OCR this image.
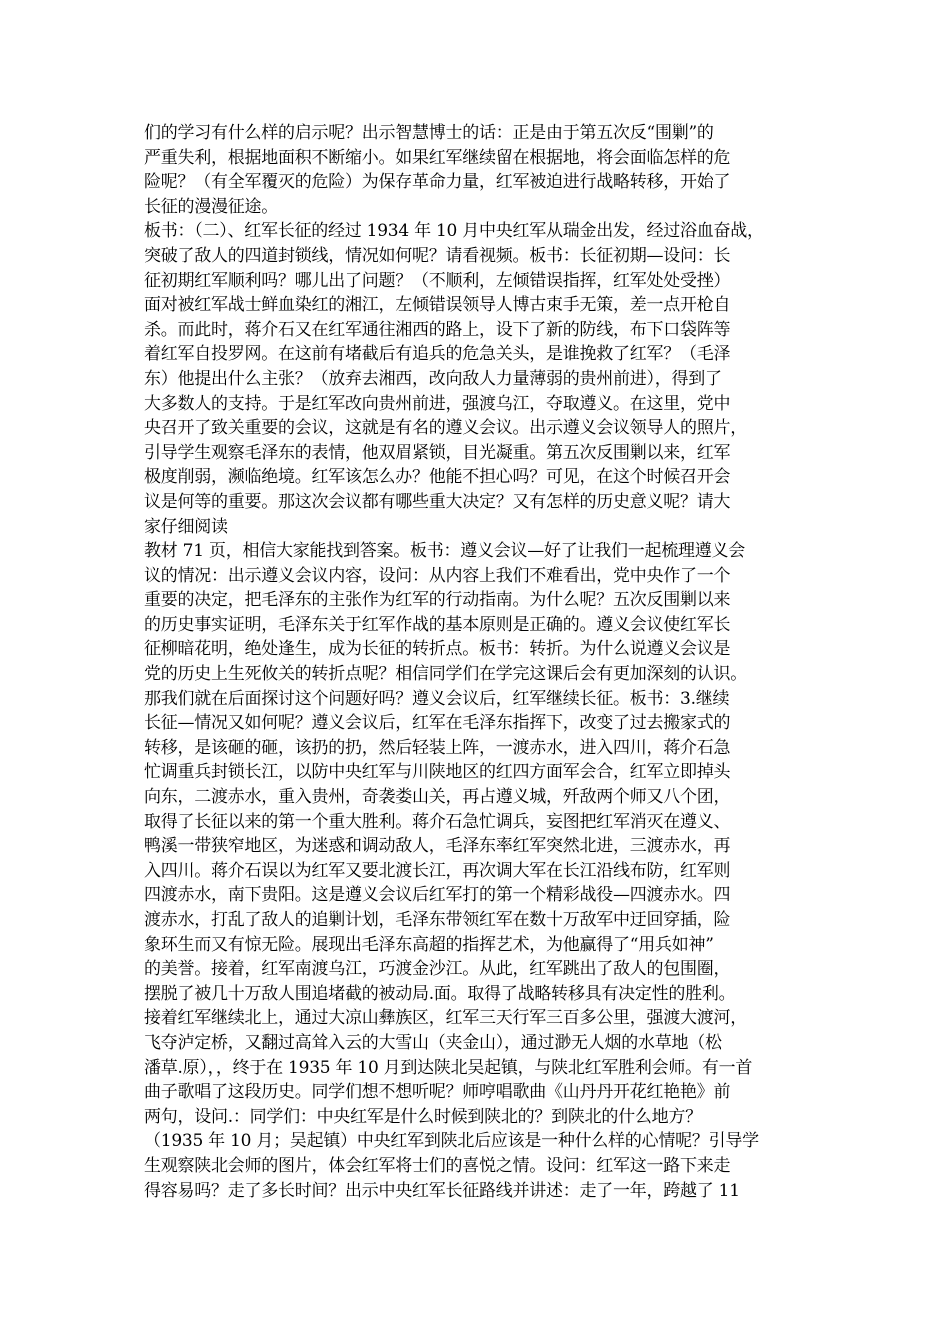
们的学习有什么样的启示呢？出示智慧博士的话：正是由于第五次反“围剿”的
严重失利，根据地面积不断缩小。如果红军继续留在根据地，将会面临怎样的危
险呢？（有全军覆灭的危险）为保存革命力量，红军被迫进行战略转移，开始了
长征的漫漫征途。
板书：（二）、红军长征的经过 1934 年 10 月中央红军从瑞金出发，经过浴血奋战，
突破了敌人的四道封锁线，情况如何呢？请看视频。板书：长征初期—设问：长
征初期红军顺利吗？哪儿出了问题？（不顺利，左倾错误指挥，红军处处受挫）
面对被红军战士鲜血染红的湘江，左倾错误领导人博古束手无策，差一点开枪自
杀。而此时，蒋介石又在红军通往湘西的路上，设下了新的防线，布下口袋阵等
着红军自投罗网。在这前有堵截后有追兵的危急关头，是谁挽救了红军？（毛泽
东）他提出什么主张？（放弃去湘西，改向敌人力量薄弱的贵州前进），得到了
大多数人的支持。于是红军改向贵州前进，强渡乌江，夺取遵义。在这里，党中
央召开了致关重要的会议，这就是有名的遵义会议。出示遵义会议领导人的照片，
引导学生观察毛泽东的表情，他双眉紧锁，目光凝重。第五次反围剿以来，红军
极度削弱，濒临绝境。红军该怎么办？他能不担心吗？可见，在这个时候召开会
议是何等的重要。那这次会议都有哪些重大决定？又有怎样的历史意义呢？请大
家仔细阅读
教材 71 页，相信大家能找到答案。板书：遵义会议—好了让我们一起梳理遵义会
议的情况：出示遵义会议内容，设问：从内容上我们不难看出，党中央作了一个
重要的决定，把毛泽东的主张作为红军的行动指南。为什么呢？五次反围剿以来
的历史事实证明，毛泽东关于红军作战的基本原则是正确的。遵义会议使红军长
征柳暗花明，绝处逢生，成为长征的转折点。板书：转折。为什么说遵义会议是
党的历史上生死攸关的转折点呢？相信同学们在学完这课后会有更加深刻的认识。
那我们就在后面探讨这个问题好吗？遵义会议后，红军继续长征。板书：3.继续
长征—情况又如何呢？遵义会议后，红军在毛泽东指挥下，改变了过去搬家式的
转移，是该砸的砸，该扔的扔，然后轻装上阵，一渡赤水，进入四川，蒋介石急
忙调重兵封锁长江，以防中央红军与川陕地区的红四方面军会合，红军立即掉头
向东，二渡赤水，重入贵州，奇袭娄山关，再占遵义城，歼敌两个师又八个团，
取得了长征以来的第一个重大胜利。蒋介石急忙调兵，妄图把红军消灭在遵义、
鸭溪一带狭窄地区，为迷惑和调动敌人，毛泽东率红军突然北进，三渡赤水，再
入四川。蒋介石误以为红军又要北渡长江，再次调大军在长江沿线布防，红军则
四渡赤水，南下贵阳。这是遵义会议后红军打的第一个精彩战役—四渡赤水。四
渡赤水，打乱了敌人的追剿计划，毛泽东带领红军在数十万敌军中迂回穿插，险
象环生而又有惊无险。展现出毛泽东高超的指挥艺术，为他赢得了“用兵如神”
的美誉。接着，红军南渡乌江，巧渡金沙江。从此，红军跳出了敌人的包围圈，
摆脱了被几十万敌人围追堵截的被动局.面。取得了战略转移具有决定性的胜利。
接着红军继续北上，通过大凉山彝族区，红军三天行军三百多公里，强渡大渡河，
飞夺泸定桥，又翻过高耸入云的大雪山（夹金山），通过渺无人烟的水草地（松
潘草.原），，终于在 1935 年 10 月到达陕北吴起镇，与陕北红军胜利会师。有一首
曲子歌唱了这段历史。同学们想不想听呢？师哼唱歌曲《山丹丹开花红艳艳》前
两句，设问.：同学们：中央红军是什么时候到陕北的？到陕北的什么地方？
（1935 年 10 月；吴起镇）中央红军到陕北后应该是一种什么样的心情呢？引导学
生观察陕北会师的图片，体会红军将士们的喜悦之情。设问：红军这一路下来走
得容易吗？走了多长时间？出示中央红军长征路线并讲述：走了一年，跨越了 11
